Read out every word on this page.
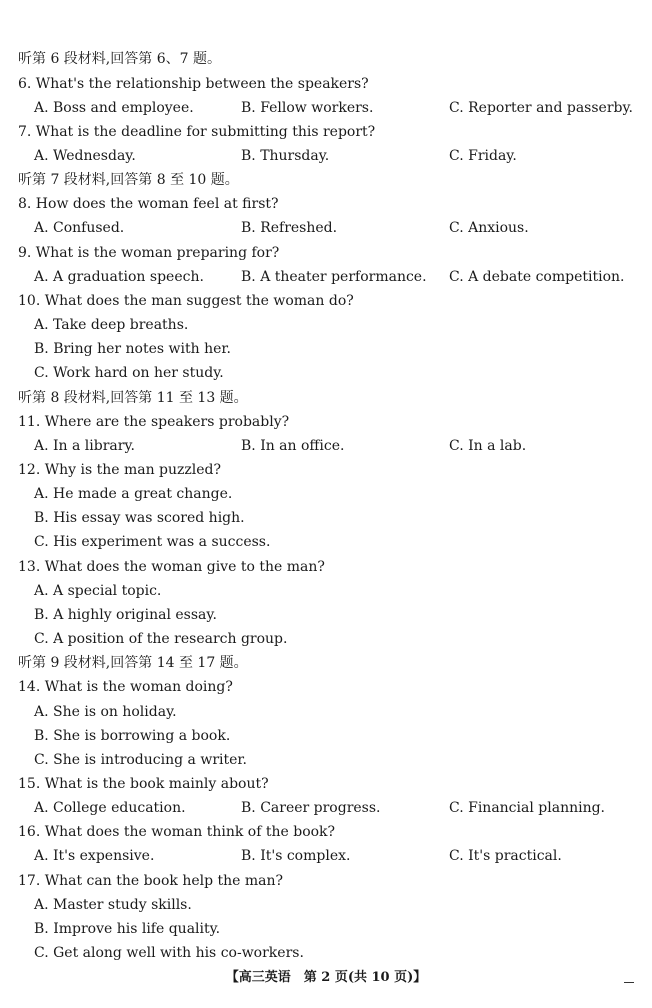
听第 6 段材料,回答第 6、7 题。
6. What's the relationship between the speakers?
A. Boss and employee.	B. Fellow workers.	C. Reporter and passerby.
7. What is the deadline for submitting this report?
A. Wednesday.	B. Thursday.	C. Friday.
听第 7 段材料,回答第 8 至 10 题。
8. How does the woman feel at first?
A. Confused.	B. Refreshed.	C. Anxious.
9. What is the woman preparing for?
A. A graduation speech.	B. A theater performance. C. A debate competition.
10. What does the man suggest the woman do?
A. Take deep breaths.
B. Bring her notes with her.
C. Work hard on her study.
听第 8 段材料,回答第 11 至 13 题。
11. Where are the speakers probably?
A. In a library.	B. In an office.	C. In a lab.
12. Why is the man puzzled?
A. He made a great change.
B. His essay was scored high.
C. His experiment was a success.
13. What does the woman give to the man?
A. A special topic.
B. A highly original essay.
C. A position of the research group.
听第 9 段材料,回答第 14 至 17 题。
14. What is the woman doing?
A. She is on holiday.
B. She is borrowing a book.
C. She is introducing a writer.
15. What is the book mainly about?
A. College education.	B. Career progress.	C. Financial planning.
16. What does the woman think of the book?
A. It's expensive.	B. It's complex.	C. It's practical.
17. What can the book help the man?
A. Master study skills.
B. Improve his life quality.
C. Get along well with his co-workers.
【高三英语　第 2 页(共 10 页)】
